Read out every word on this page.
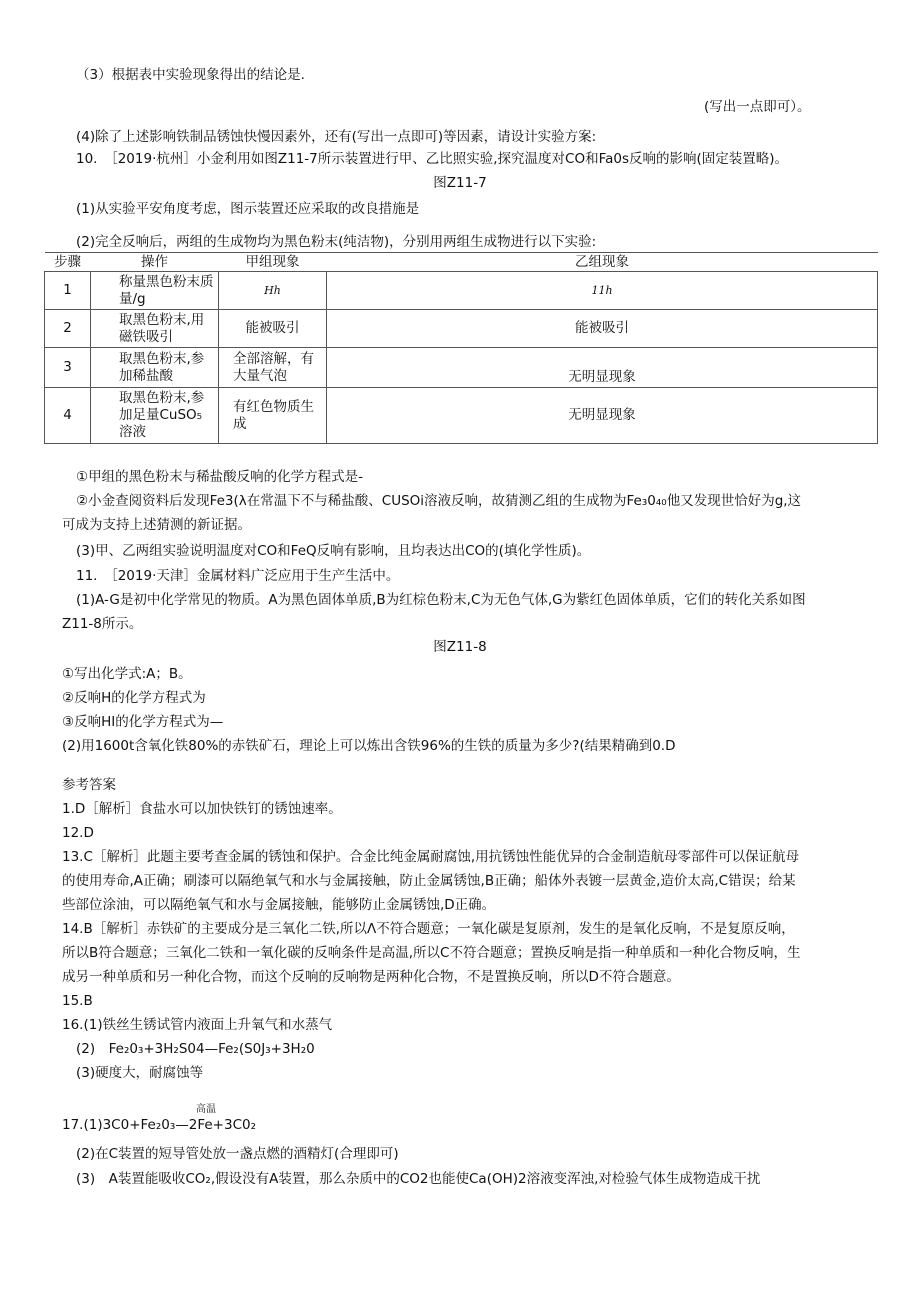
（3）根据表中实验现象得出的结论是.
(写出一点即可）。
(4)除了上述影响铁制品锈蚀快慢因素外，还有(写出一点即可)等因素，请设计实验方案:
10.　［2019·杭州］小金利用如图Z11-7所示装置进行甲、乙比照实验,探究温度对CO和Fa0s反响的影响(固定装置略)。
图Z11-7
(1)从实验平安角度考虑，图示装置还应采取的改良措施是
(2)完全反响后，两组的生成物均为黑色粉末(纯洁物)，分别用两组生成物进行以下实验:
步骤	操作	甲组现象	乙组现象
1	称量黑色粉末质量/g	Hh	11h
2	取黑色粉末,用磁铁吸引	能被吸引	能被吸引
3	取黑色粉末,参加稀盐酸	全部溶解，有大量气泡	无明显现象
4	取黑色粉末,参加足量CuSO₅溶液	有红色物质生成	无明显现象
①甲组的黑色粉末与稀盐酸反响的化学方程式是-
②小金查阅资料后发现Fe3(λ在常温下不与稀盐酸、CUSOi溶液反响，故猜测乙组的生成物为Fe₃0₄₀他又发现世恰好为g,这
可成为支持上述猜测的新证据。
(3)甲、乙两组实验说明温度对CO和FeQ反响有影响，且均表达出CO的(填化学性质)。
11.　［2019·天津］金属材料广泛应用于生产生活中。
(1)A-G是初中化学常见的物质。A为黑色固体单质,B为红棕色粉末,C为无色气体,G为紫红色固体单质，它们的转化关系如图
Z11-8所示。
图Z11-8
①写出化学式:A；B。
②反响H的化学方程式为
③反响HI的化学方程式为—
(2)用1600t含氧化铁80%的赤铁矿石，理论上可以炼出含铁96%的生铁的质量为多少?(结果精确到0.D
参考答案
1.D［解析］食盐水可以加快铁钉的锈蚀速率。
12.D
13.C［解析］此题主要考查金属的锈蚀和保护。合金比纯金属耐腐蚀,用抗锈蚀性能优异的合金制造航母零部件可以保证航母
的使用寿命,A正确；刷漆可以隔绝氧气和水与金属接触，防止金属锈蚀,B正确；船体外表镀一层黄金,造价太高,C错误；给某
些部位涂油，可以隔绝氧气和水与金属接触，能够防止金属锈蚀,D正确。
14.B［解析］赤铁矿的主要成分是三氧化二铁,所以Λ不符合题意；一氧化碳是复原剂，发生的是氧化反响，不是复原反响，
所以B符合题意；三氧化二铁和一氧化碳的反响条件是高温,所以C不符合题意；置换反响是指一种单质和一种化合物反响，生
成另一种单质和另一种化合物，而这个反响的反响物是两种化合物，不是置换反响，所以D不符合题意。
15.B
16.(1)铁丝生锈试管内液面上升氧气和水蒸气
(2)　Fe₂0₃+3H₂S04—Fe₂(S0J₃+3H₂0
(3)硬度大，耐腐蚀等
高温
17.(1)3C0+Fe₂0₃—2Fe+3C0₂
(2)在C装置的短导管处放一盏点燃的酒精灯(合理即可)
(3)　A装置能吸收CO₂,假设没有A装置，那么杂质中的CO2也能使Ca(OH)2溶液变浑浊,对检验气体生成物造成干扰
